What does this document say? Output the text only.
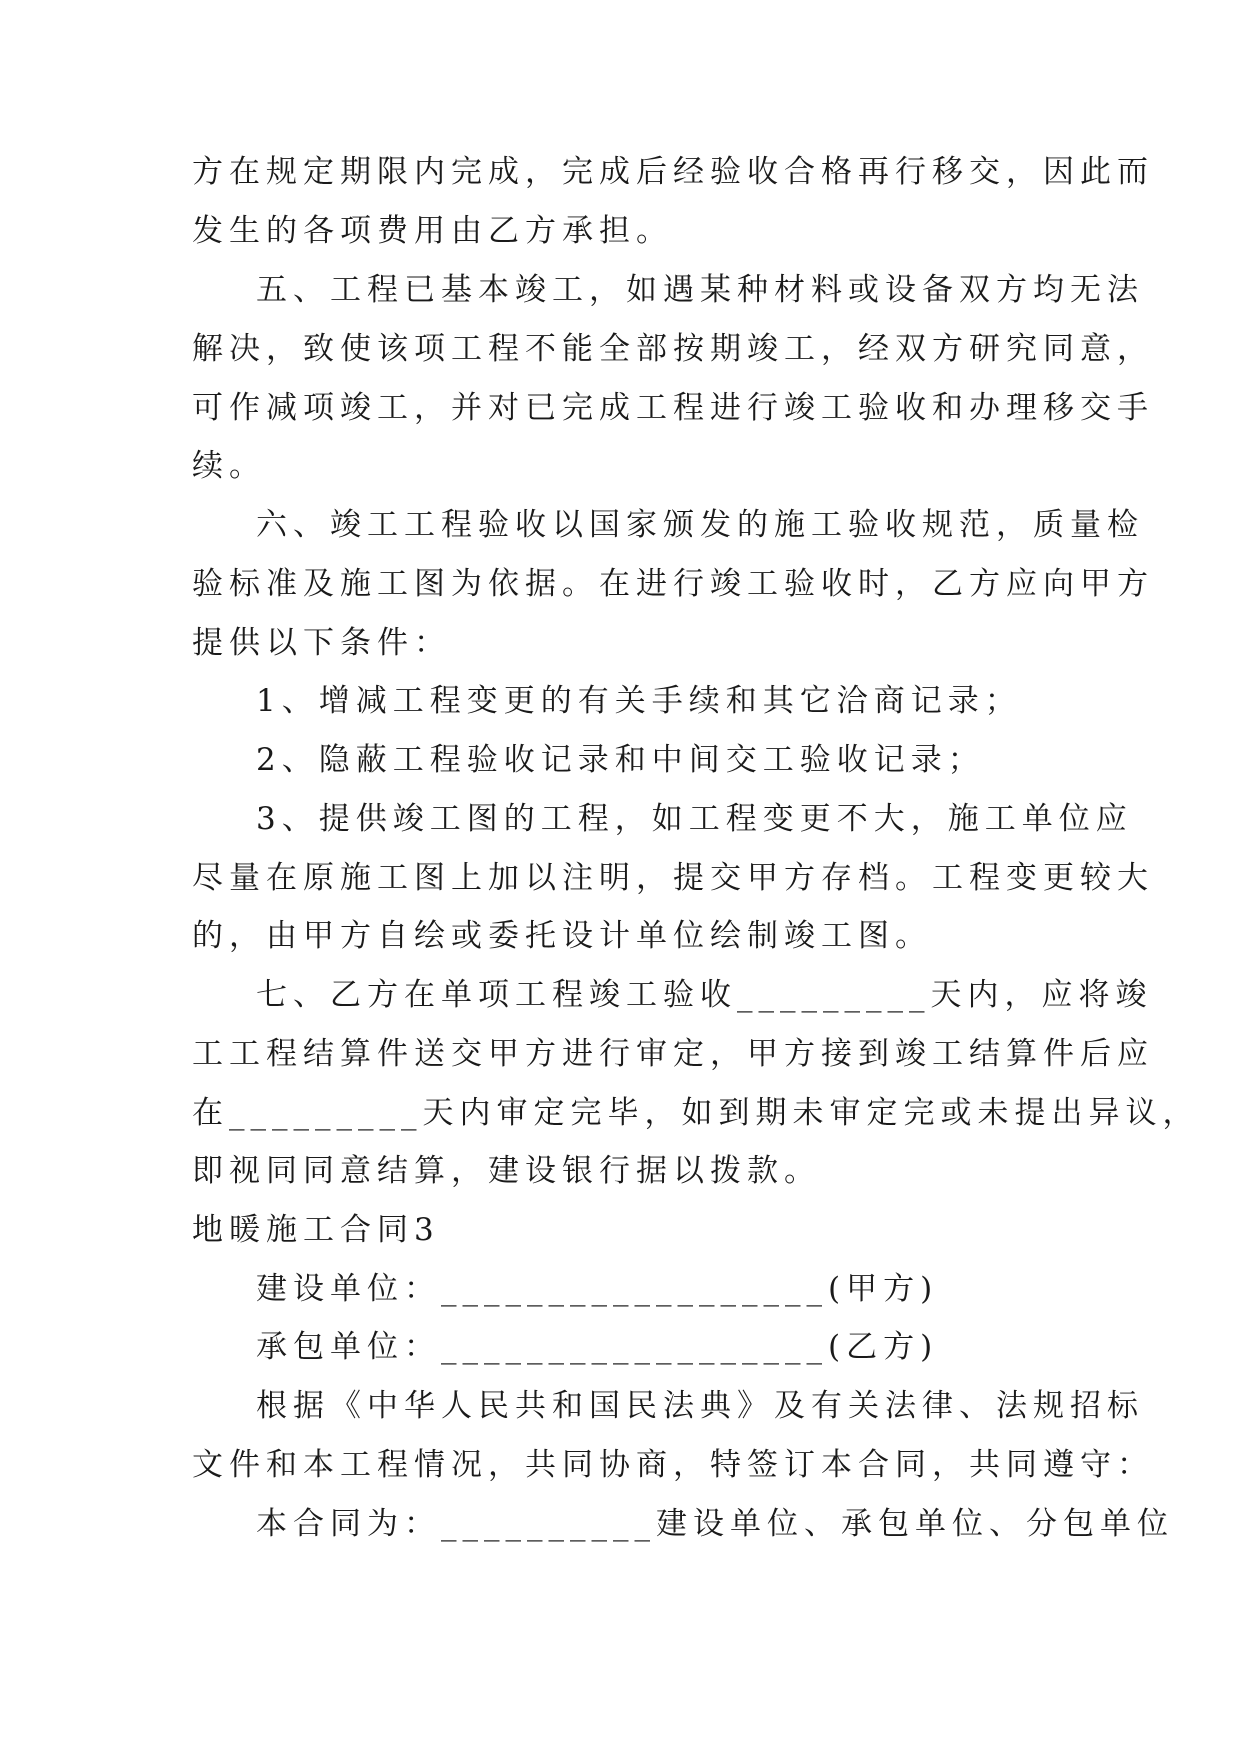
方在规定期限内完成，完成后经验收合格再行移交，因此而
发生的各项费用由乙方承担。
五、工程已基本竣工，如遇某种材料或设备双方均无法
解决，致使该项工程不能全部按期竣工，经双方研究同意，
可作减项竣工，并对已完成工程进行竣工验收和办理移交手
续。
六、竣工工程验收以国家颁发的施工验收规范，质量检
验标准及施工图为依据。在进行竣工验收时，乙方应向甲方
提供以下条件：
1、增减工程变更的有关手续和其它洽商记录；
2、隐蔽工程验收记录和中间交工验收记录；
3、提供竣工图的工程，如工程变更不大，施工单位应
尽量在原施工图上加以注明，提交甲方存档。工程变更较大
的，由甲方自绘或委托设计单位绘制竣工图。
七、乙方在单项工程竣工验收_________天内，应将竣
工工程结算件送交甲方进行审定，甲方接到竣工结算件后应
在_________天内审定完毕，如到期未审定完或未提出异议，
即视同同意结算，建设银行据以拨款。
地暖施工合同3
建设单位：__________________(甲方)
承包单位：__________________(乙方)
根据《中华人民共和国民法典》及有关法律、法规招标
文件和本工程情况，共同协商，特签订本合同，共同遵守：
本合同为：__________建设单位、承包单位、分包单位
